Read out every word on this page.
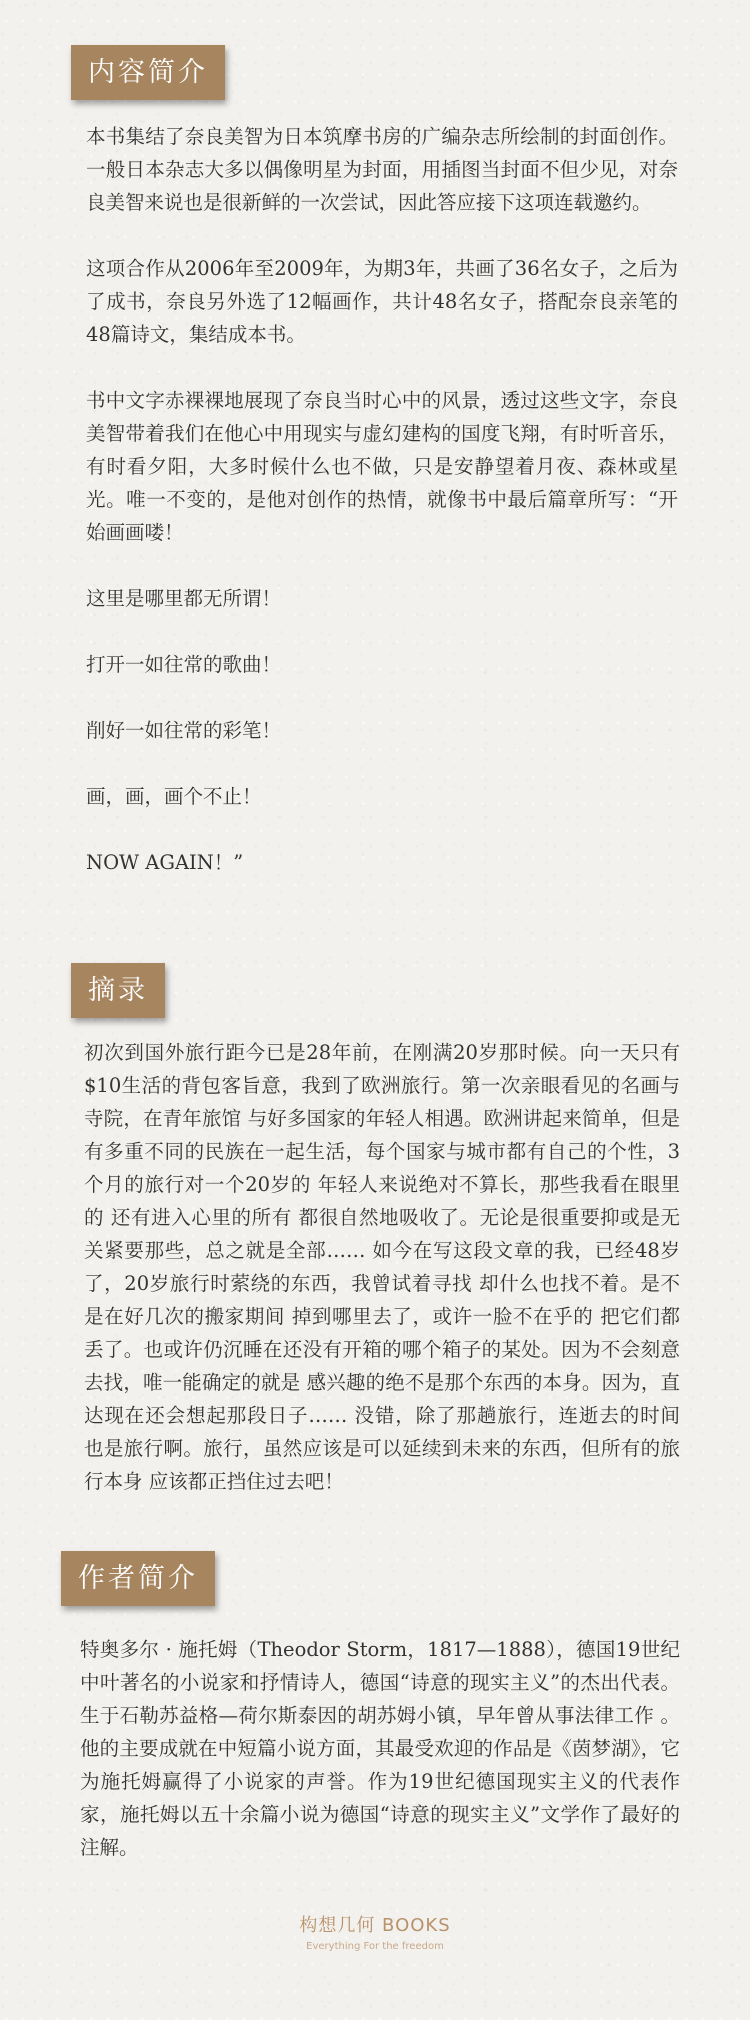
内容简介

本书集结了奈良美智为日本筑摩书房的广编杂志所绘制的封面创作。一般日本杂志大多以偶像明星为封面，用插图当封面不但少见，对奈良美智来说也是很新鲜的一次尝试，因此答应接下这项连载邀约。

这项合作从2006年至2009年，为期3年，共画了36名女子，之后为了成书，奈良另外选了12幅画作，共计48名女子，搭配奈良亲笔的48篇诗文，集结成本书。

书中文字赤裸裸地展现了奈良当时心中的风景，透过这些文字，奈良美智带着我们在他心中用现实与虚幻建构的国度飞翔，有时听音乐，有时看夕阳，大多时候什么也不做，只是安静望着月夜、森林或星光。唯一不变的，是他对创作的热情，就像书中最后篇章所写：“开始画画喽！

这里是哪里都无所谓！

打开一如往常的歌曲！

削好一如往常的彩笔！

画，画，画个不止！

NOW AGAIN！”

摘录

初次到国外旅行距今已是28年前，在刚满20岁那时候。向一天只有$10生活的背包客旨意，我到了欧洲旅行。第一次亲眼看见的名画与寺院，在青年旅馆 与好多国家的年轻人相遇。欧洲讲起来简单，但是有多重不同的民族在一起生活，每个国家与城市都有自己的个性，3个月的旅行对一个20岁的 年轻人来说绝对不算长，那些我看在眼里的 还有进入心里的所有 都很自然地吸收了。无论是很重要抑或是无关紧要那些，总之就是全部…… 如今在写这段文章的我，已经48岁了，20岁旅行时萦绕的东西，我曾试着寻找 却什么也找不着。是不是在好几次的搬家期间 掉到哪里去了，或许一脸不在乎的 把它们都丢了。也或许仍沉睡在还没有开箱的哪个箱子的某处。因为不会刻意去找，唯一能确定的就是 感兴趣的绝不是那个东西的本身。因为，直达现在还会想起那段日子…… 没错，除了那趟旅行，连逝去的时间 也是旅行啊。旅行，虽然应该是可以延续到未来的东西，但所有的旅行本身 应该都正挡住过去吧！

作者简介

特奥多尔 · 施托姆（Theodor Storm，1817—1888），德国19世纪中叶著名的小说家和抒情诗人，德国“诗意的现实主义”的杰出代表。生于石勒苏益格—荷尔斯泰因的胡苏姆小镇，早年曾从事法律工作 。他的主要成就在中短篇小说方面，其最受欢迎的作品是《茵梦湖》，它为施托姆赢得了小说家的声誉。作为19世纪德国现实主义的代表作家，施托姆以五十余篇小说为德国“诗意的现实主义”文学作了最好的注解。

构想几何 BOOKS
Everything For the freedom
